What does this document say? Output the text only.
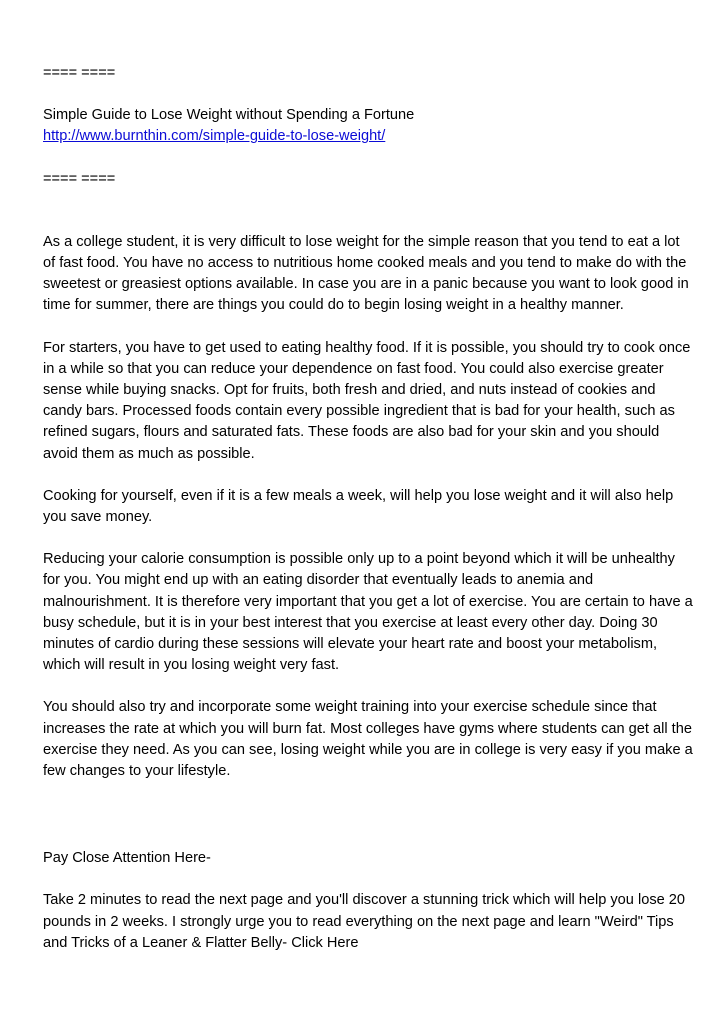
==== ====

Simple Guide to Lose Weight without Spending a Fortune

http://www.burnthin.com/simple-guide-to-lose-weight/

==== ====

As a college student, it is very difficult to lose weight for the simple reason that you tend to eat a lot of fast food. You have no access to nutritious home cooked meals and you tend to make do with the sweetest or greasiest options available. In case you are in a panic because you want to look good in time for summer, there are things you could do to begin losing weight in a healthy manner.

For starters, you have to get used to eating healthy food. If it is possible, you should try to cook once in a while so that you can reduce your dependence on fast food. You could also exercise greater sense while buying snacks. Opt for fruits, both fresh and dried, and nuts instead of cookies and candy bars. Processed foods contain every possible ingredient that is bad for your health, such as refined sugars, flours and saturated fats. These foods are also bad for your skin and you should avoid them as much as possible.

Cooking for yourself, even if it is a few meals a week, will help you lose weight and it will also help you save money.

Reducing your calorie consumption is possible only up to a point beyond which it will be unhealthy for you. You might end up with an eating disorder that eventually leads to anemia and malnourishment. It is therefore very important that you get a lot of exercise. You are certain to have a busy schedule, but it is in your best interest that you exercise at least every other day. Doing 30 minutes of cardio during these sessions will elevate your heart rate and boost your metabolism, which will result in you losing weight very fast.

You should also try and incorporate some weight training into your exercise schedule since that increases the rate at which you will burn fat. Most colleges have gyms where students can get all the exercise they need. As you can see, losing weight while you are in college is very easy if you make a few changes to your lifestyle.

Pay Close Attention Here-

Take 2 minutes to read the next page and you'll discover a stunning trick which will help you lose 20 pounds in 2 weeks. I strongly urge you to read everything on the next page and learn "Weird" Tips and Tricks of a Leaner & Flatter Belly- Click Here
